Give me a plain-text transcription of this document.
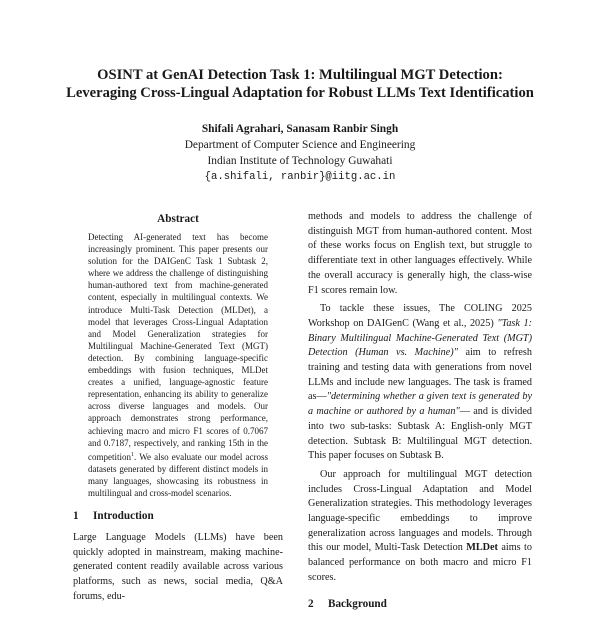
OSINT at GenAI Detection Task 1: Multilingual MGT Detection:
Leveraging Cross-Lingual Adaptation for Robust LLMs Text Identification
Shifali Agrahari, Sanasam Ranbir Singh
Department of Computer Science and Engineering
Indian Institute of Technology Guwahati
{a.shifali, ranbir}@iitg.ac.in
Abstract
Detecting AI-generated text has become increasingly prominent. This paper presents our solution for the DAIGenC Task 1 Subtask 2, where we address the challenge of distinguishing human-authored text from machine-generated content, especially in multilingual contexts. We introduce Multi-Task Detection (MLDet), a model that leverages Cross-Lingual Adaptation and Model Generalization strategies for Multilingual Machine-Generated Text (MGT) detection. By combining language-specific embeddings with fusion techniques, MLDet creates a unified, language-agnostic feature representation, enhancing its ability to generalize across diverse languages and models. Our approach demonstrates strong performance, achieving macro and micro F1 scores of 0.7067 and 0.7187, respectively, and ranking 15th in the competition$^1$. We also evaluate our model across datasets generated by different distinct models in many languages, showcasing its robustness in multilingual and cross-model scenarios.
1 Introduction

Large Language Models (LLMs) have been quickly adopted in mainstream, making machine-generated content readily available across various platforms, such as news, social media, Q&A forums, edu-

methods and models to address the challenge of distinguish MGT from human-authored content. Most of these works focus on English text, but struggle to differentiate text in other languages effectively. While the overall accuracy is generally high, the class-wise F1 scores remain low.

To tackle these issues, The COLING 2025 Workshop on DAIGenC (Wang et al., 2025) "Task 1: Binary Multilingual Machine-Generated Text (MGT) Detection (Human vs. Machine)" aim to refresh training and testing data with generations from novel LLMs and include new languages. The task is framed as—"determining whether a given text is generated by a machine or authored by a human"— and is divided into two sub-tasks: Subtask A: English-only MGT detection. Subtask B: Multilingual MGT detection. This paper focuses on Subtask B.

Our approach for multilingual MGT detection includes Cross-Lingual Adaptation and Model Generalization strategies. This methodology leverages language-specific embeddings to improve generalization across languages and models. Through this our model, Multi-Task Detection MLDet aims to balanced performance on both macro and micro F1 scores.

2 Background
